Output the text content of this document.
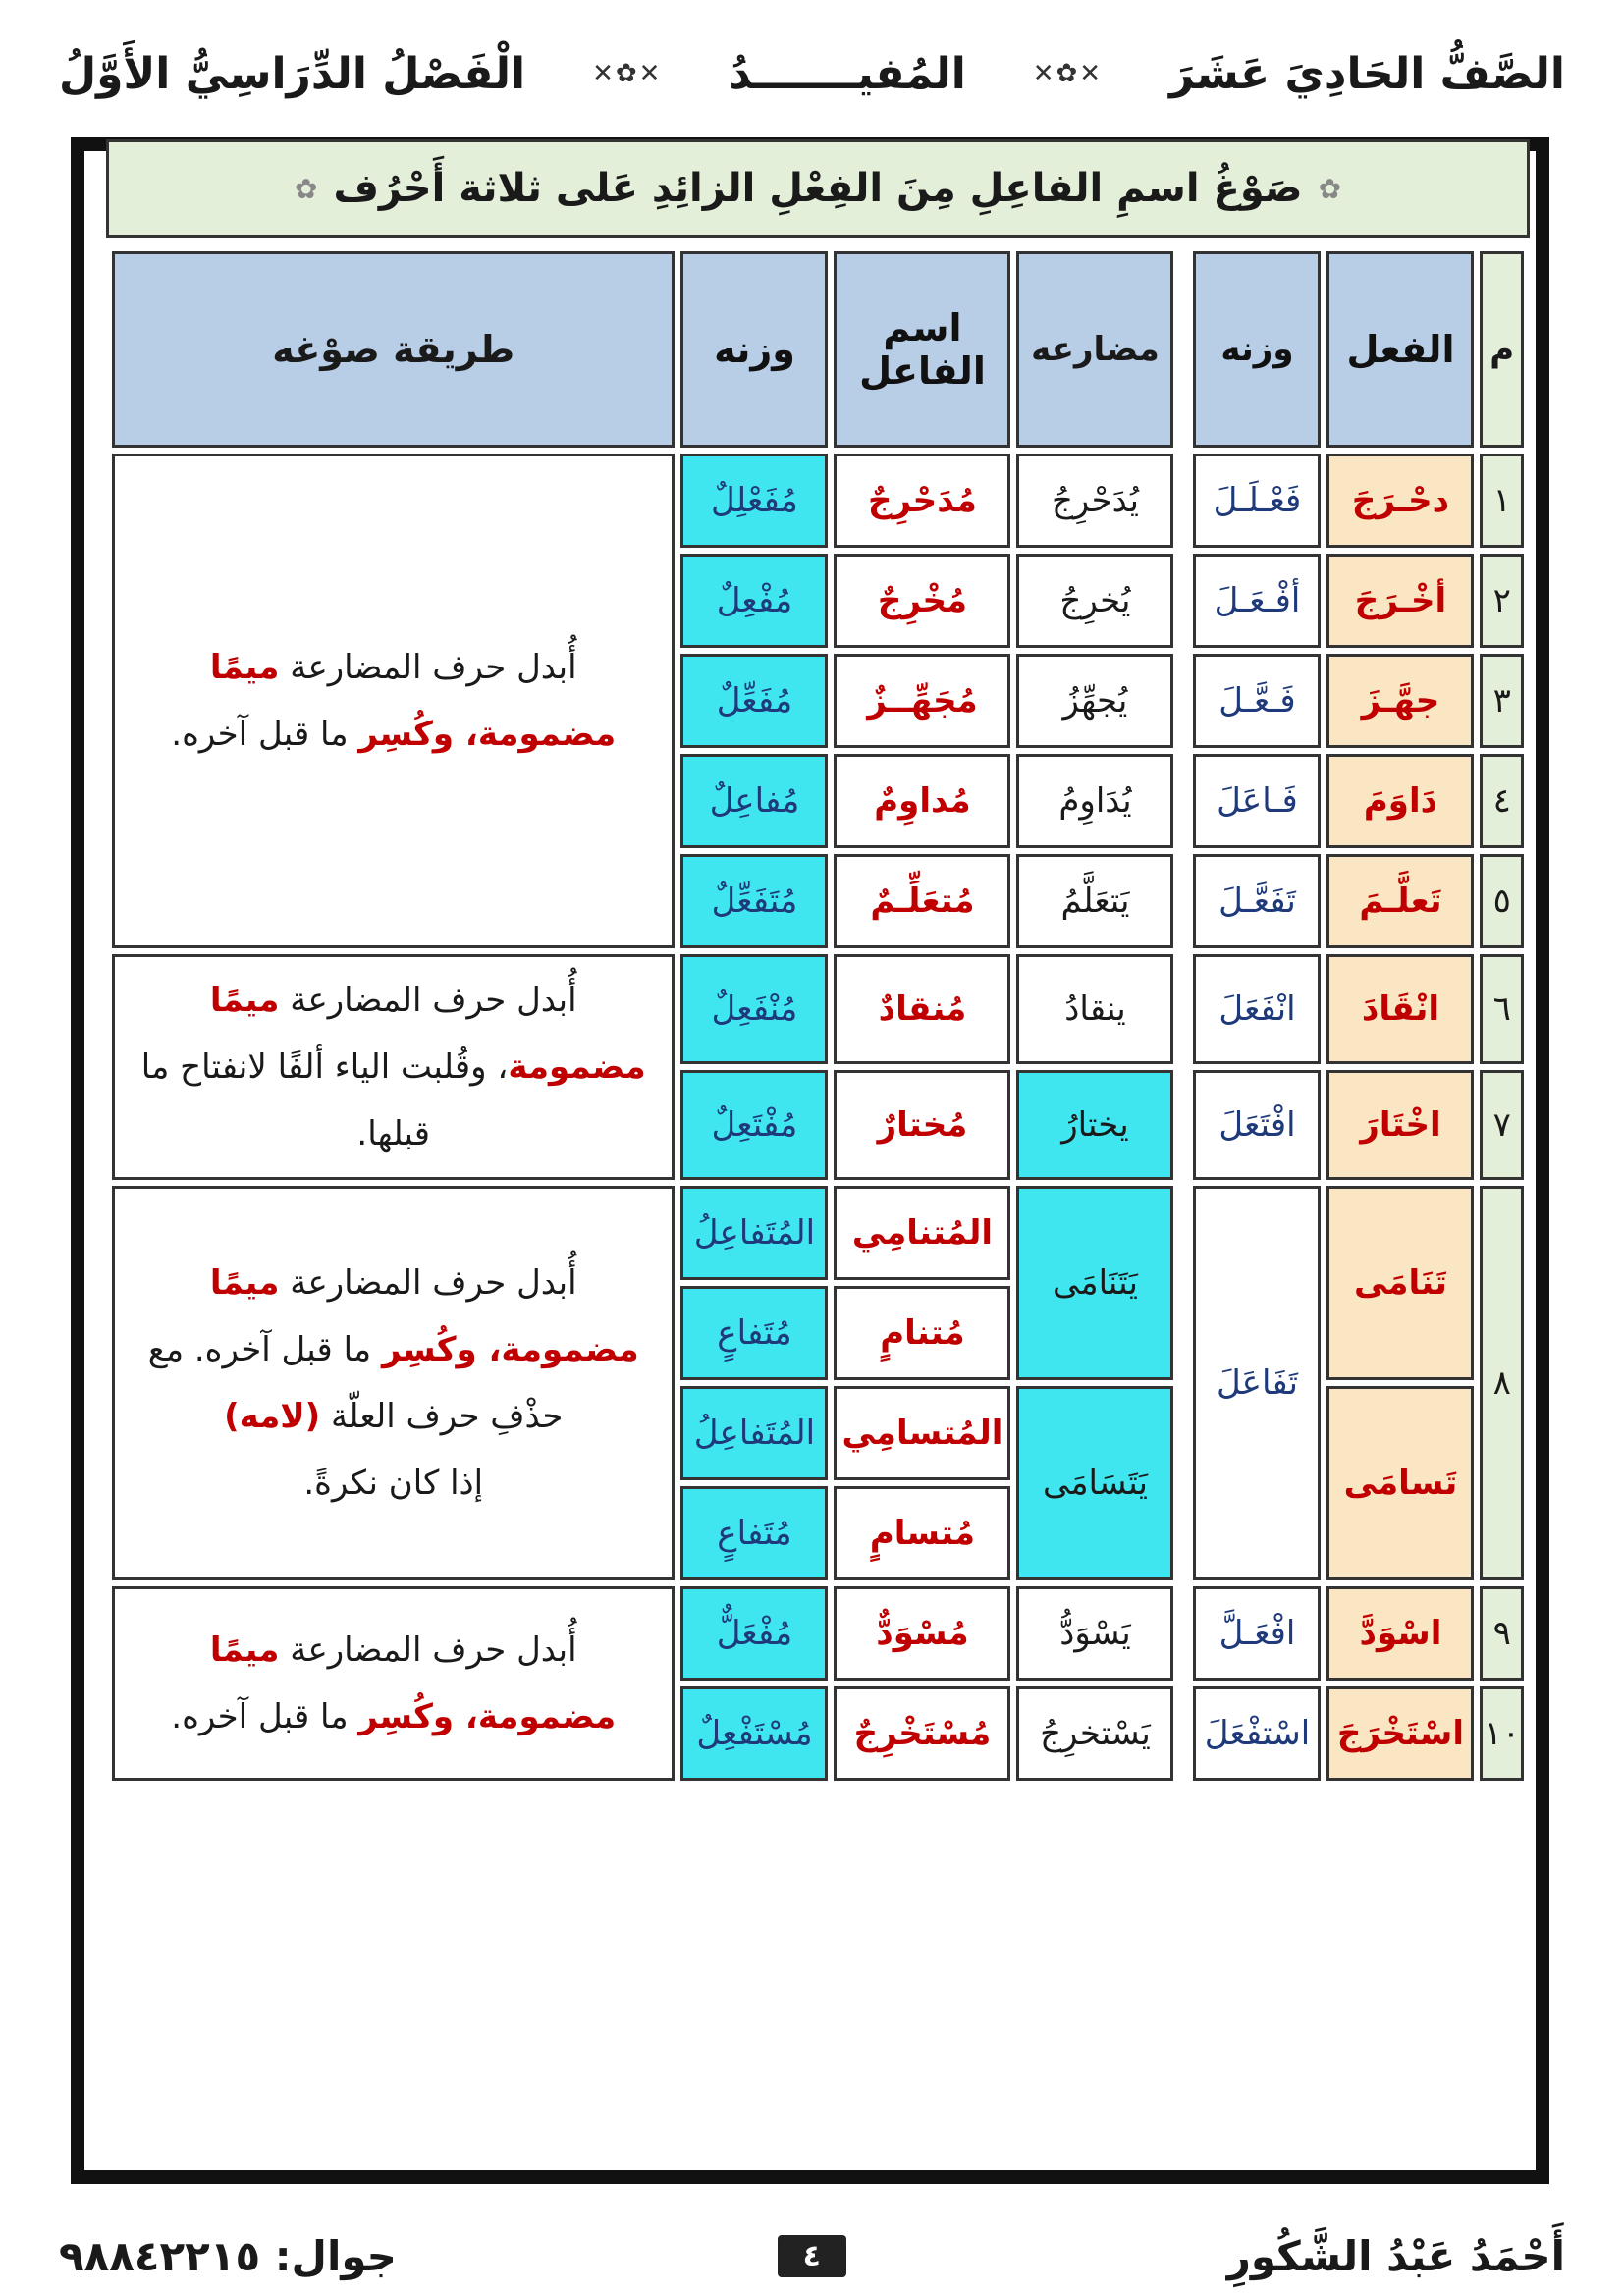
الصَّفُّ الحَادِيَ عَشَرَ
✕✿✕
المُفيـــــــدُ
✕✿✕
الْفَصْلُ الدِّرَاسِيُّ الأَوَّلُ
✿
صَوْغُ اسمِ الفاعِلِ مِنَ الفِعْلِ الزائِدِ عَلى ثلاثة أَحْرُف
✿
م	الفعل	وزنه		مضارعه	اسم الفاعل	وزنه	طريقة صوْغه
١	دحْـرَجَ	فَعْـلَـلَ		يُدَحْرِجُ	مُدَحْرِجٌ	مُفَعْلِلٌ	أُبدل حرف المضارعة ميمًا
مضمومة، وكُسِر ما قبل آخره.
٢	أخْـرَجَ	أفْـعَـلَ		يُخرِجُ	مُخْرِجٌ	مُفْعِلٌ	
٣	جهَّـزَ	فَـعَّـلَ		يُجهِّزُ	مُجَهِّــزٌ	مُفَعِّلٌ	
٤	دَاوَمَ	فَـاعَلَ		يُدَاوِمُ	مُداوِمٌ	مُفاعِلٌ	
٥	تَعلَّـمَ	تَفَعَّـلَ		يَتعَلَّمُ	مُتعَلِّـمٌ	مُتَفَعِّلٌ	
٦	انْقَادَ	انْفَعَلَ		ينقادُ	مُنقادٌ	مُنْفَعِلٌ	أُبدل حرف المضارعة ميمًا
مضمومة، وقُلبت الياء ألفًا لانفتاح ما قبلها.
٧	اخْتَارَ	افْتَعَلَ		يختارُ	مُختارٌ	مُفْتَعِلٌ	
٨	تَنَامَى	تَفَاعَلَ		يَتَنَامَى	المُتنامِي	المُتَفاعِلُ	أُبدل حرف المضارعة ميمًا
مضمومة، وكُسِر ما قبل آخره. مع حذْفِ حرف العلّة (لامه)
إذا كان نكرةً.
					مُتنامٍ	مُتَفاعٍ	
	تَسامَى			يَتَسَامَى	المُتسامِي	المُتَفاعِلُ	
					مُتسامٍ	مُتَفاعٍ	
٩	اسْوَدَّ	افْعَـلَّ		يَسْوَدُّ	مُسْوَدٌّ	مُفْعَلٌّ	أُبدل حرف المضارعة ميمًا
مضمومة، وكُسِر ما قبل آخره.
١٠	اسْتَخْرَجَ	اسْتفْعَلَ		يَسْتخرِجُ	مُسْتَخْرِجٌ	مُسْتَفْعِلٌ	
أَحْمَدُ عَبْدُ الشَّكُورِ
٤
جوال: ٩٨٨٤٢٢١٥
